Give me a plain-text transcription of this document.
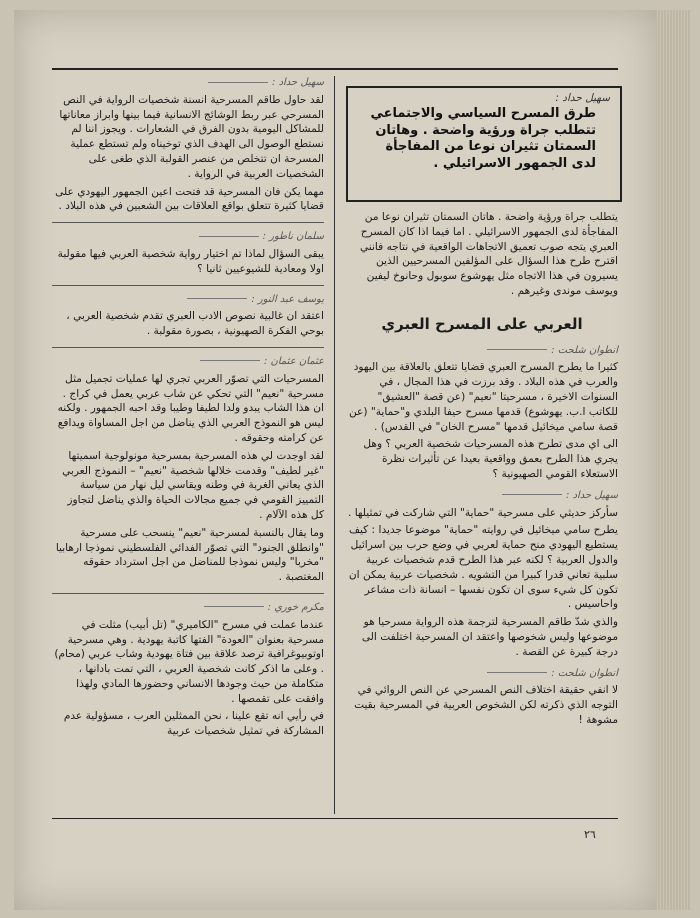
سهيل حداد :
طرق المسرح السياسي والاجتماعي تتطلب جراة ورؤية واضحة . وهاتان السمتان تثيران نوعا من المفاجأة لدى الجمهور الاسرائيلي .

يتطلب جراة ورؤية واضحة . هاتان السمتان تثيران نوعا من المفاجأة لدى الجمهور الاسرائيلي . اما فيما اذا كان المسرح العبري يتجه صوب تعميق الاتجاهات الواقعية في نتاجه فانني اقترح طرح هذا السؤال على المؤلفين المسرحيين الذين يسيرون في هذا الاتجاه مثل يهوشوع سوبول وحانوخ ليفين ويوسف موندى وغيرهم .

العربي على المسرح العبري
انطوان شلحت :

كثيرا ما يطرح المسرح العبري قضايا تتعلق بالعلاقة بين اليهود والعرب في هذه البلاد . وقد برزت في هذا المجال ، في السنوات الاخيرة ، مسرحيتا "نعيم" (عن قصة "العشيق" للكاتب ا.ب. يهوشوع) قدمها مسرح حيفا البلدي و"حماية" (عن قصة سامي ميخائيل قدمها "مسرح الخان" في القدس) .

الى اي مدى تطرح هذه المسرحيات شخصية العربي ؟ وهل يجري هذا الطرح بعمق وواقعية بعيدا عن تأثيرات نظرة الاستعلاء القومي الصهيونية ؟

سهيل حداد :

سأركز حديثي على مسرحية "حماية" التي شاركت في تمثيلها .

يطرح سامي ميخائيل في روايته "حماية" موضوعا جديدا : كيف يستطيع اليهودي منح حماية لعربي في وضع حرب بين اسرائيل والدول العربية ؟ لكنه عبر هذا الطرح قدم شخصيات عربية سلبية تعاني قدرا كبيرا من التشويه . شخصيات عربية يمكن ان تكون كل شيء سوى ان تكون نفسها – انسانة ذات مشاعر واحاسيس .

والذي شدّ طاقم المسرحية لترجمة هذه الرواية مسرحيا هو موضوعها وليس شخوصها واعتقد ان المسرحية اختلفت الى درجة كبيرة عن القصة .

انطوان شلحت :

لا انفي حقيقة اختلاف النص المسرحي عن النص الروائي في التوجه الذي ذكرته لكن الشخوص العربية في المسرحية بقيت مشوهة !

سهيل حداد :

لقد حاول طاقم المسرحية انسنة شخصيات الرواية في النص المسرحي عبر ربط الوشائج الانسانية فيما بينها وابراز معاناتها للمشاكل اليومية بدون الفرق في الشعارات . ويجوز اننا لم نستطع الوصول الى الهدف الذي توخيناه ولم تستطع عملية المسرحة ان تتخلص من عنصر القولبة الذي طغى على الشخصيات العربية في الرواية .

مهما يكن فان المسرحية قد فتحت اعين الجمهور اليهودي على قضايا كثيرة تتعلق بواقع العلاقات بين الشعبين في هذه البلاد .

سلمان ناطور :

يبقى السؤال لماذا تم اختيار رواية شخصية العربي فيها مقولبة اولا ومعادية للشيوعيين ثانيا ؟

يوسف عبد النور :

اعتقد ان غالبية نصوص الادب العبري تقدم شخصية العربي ، بوحي الفكرة الصهيونية ، بصورة مقولبة .

عثمان عثمان :

المسرحيات التي تصوّر العربي تجري لها عمليات تجميل مثل مسرحية "نعيم" التي تحكي عن شاب عربي يعمل في كراج . ان هذا الشاب يبدو ولدا لطيفا وطيبا وقد احبه الجمهور . ولكنه ليس هو النموذج العربي الذي يناضل من اجل المساواة ويدافع عن كرامته وحقوقه .

لقد اوجدت لي هذه المسرحية بمسرحية مونولوجية اسميتها "غير لطيف" وقدمت خلالها شخصية "نعيم" – النموذج العربي الذي يعاني الغربة في وطنه ويقاسي ليل نهار من سياسة التمييز القومي في جميع مجالات الحياة والذي يناضل لتجاوز كل هذه الآلام .

وما يقال بالنسبة لمسرحية "نعيم" ينسحب على مسرحية "وانطلق الجنود" التي تصوّر الفدائي الفلسطيني نموذجا ارهابيا "مخربا" وليس نموذجا للمناضل من اجل استرداد حقوقه المغتصبة .

مكرم خوري :

عندما عملت في مسرح "الكاميري" (تل أبيب) مثلت في مسرحية بعنوان "العودة" الفتها كاتبة يهودية . وهي مسرحية اوتوبيوغرافية ترصد علاقة بين فتاة يهودية وشاب عربي (محام) . وعلى ما اذكر كانت شخصية العربي ، التي تمت بادانها ، متكاملة من حيث وجودها الانساني وحضورها المادي ولهذا وافقت على تقمصها .

في رأيي انه تقع علينا ، نحن الممثلين العرب ، مسؤولية عدم المشاركة في تمثيل شخصيات عربية

٢٦
